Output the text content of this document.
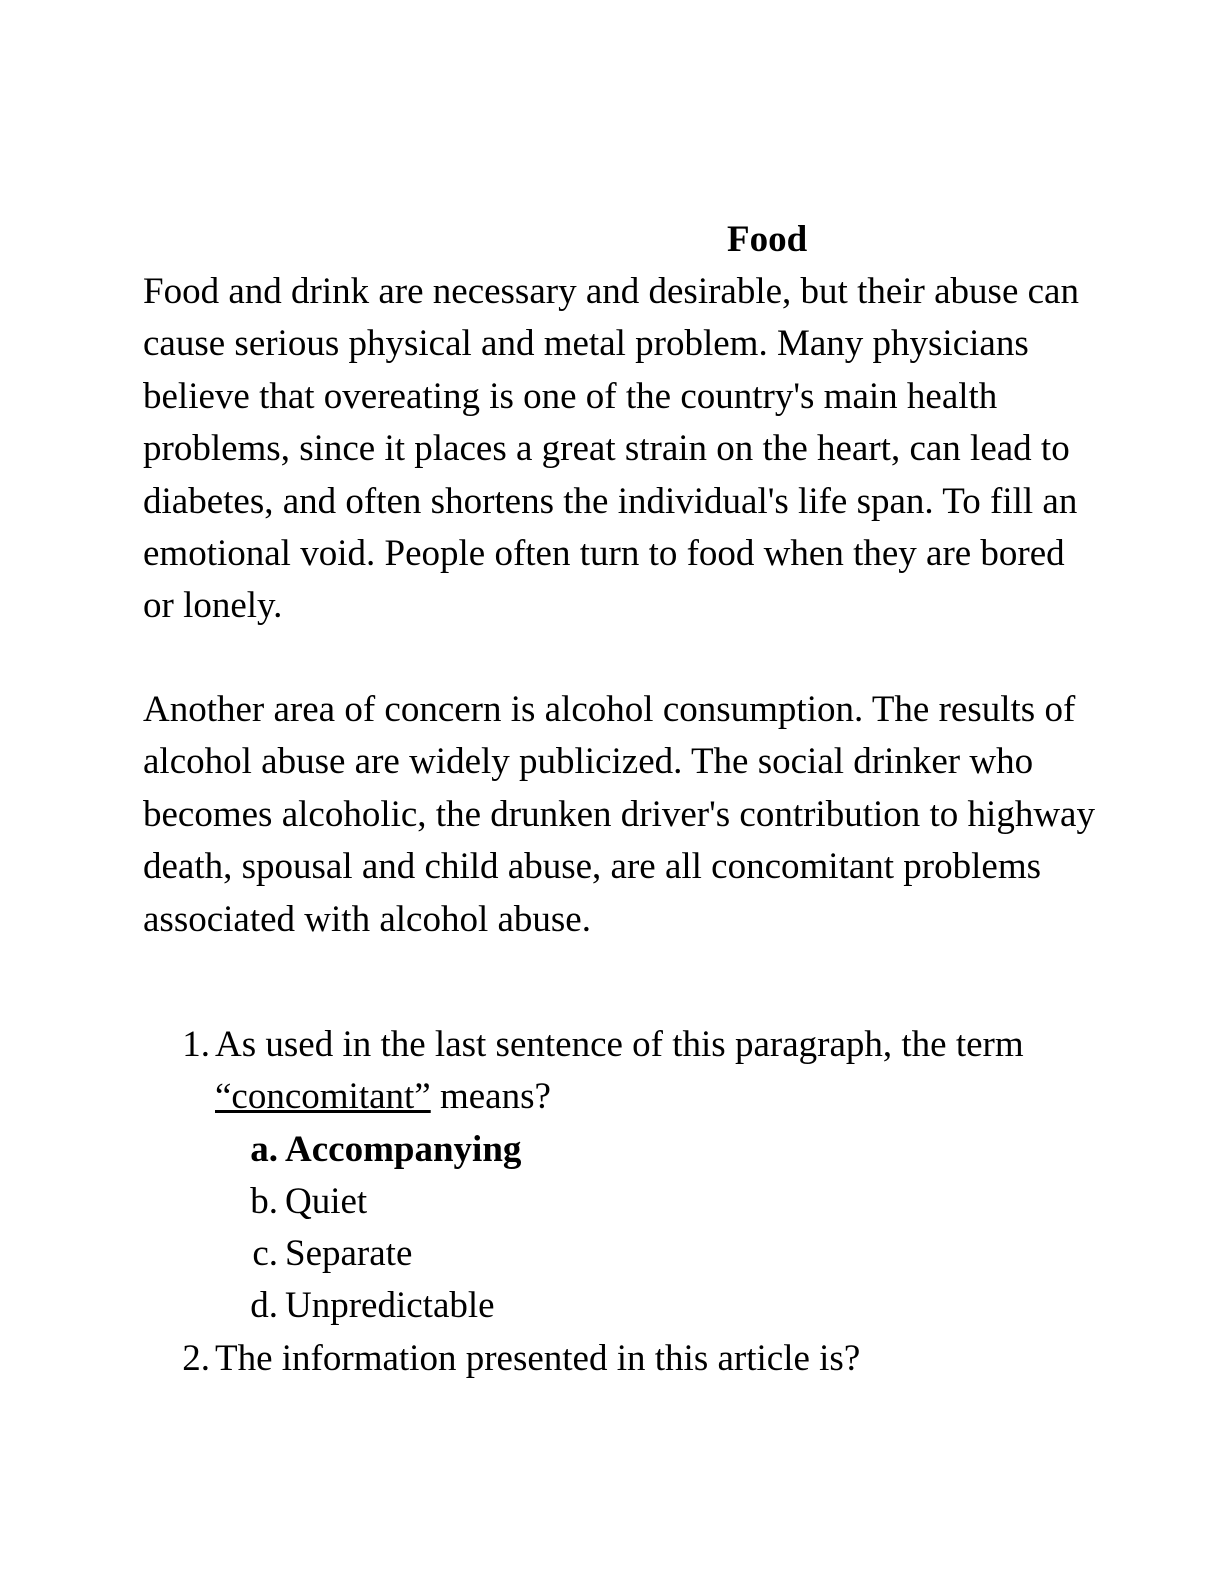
Food

Food and drink are necessary and desirable, but their abuse can cause serious physical and metal problem. Many physicians believe that overeating is one of the country's main health problems, since it places a great strain on the heart, can lead to diabetes, and often shortens the individual's life span. To fill an emotional void. People often turn to food when they are bored or lonely.

Another area of concern is alcohol consumption. The results of alcohol abuse are widely publicized. The social drinker who becomes alcoholic, the drunken driver's contribution to highway death, spousal and child abuse, are all concomitant problems associated with alcohol abuse.

1. As used in the last sentence of this paragraph, the term “concomitant” means?

a. Accompanying
b. Quiet
c. Separate
d. Unpredictable
2. The information presented in this article is?
